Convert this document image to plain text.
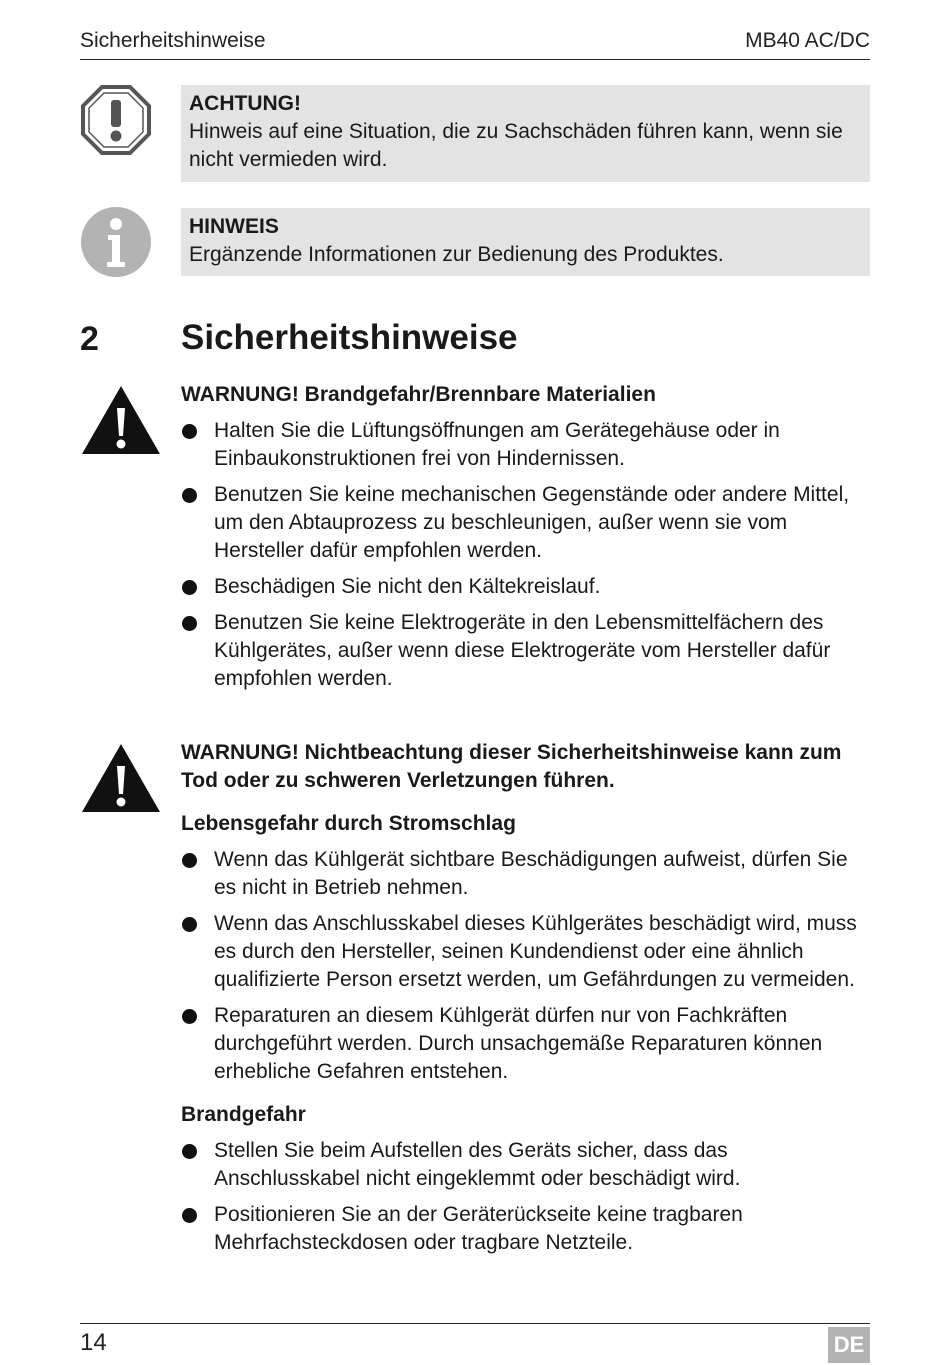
Sicherheitshinweise	MB40 AC/DC
ACHTUNG!
Hinweis auf eine Situation, die zu Sachschäden führen kann, wenn sie nicht vermieden wird.
HINWEIS
Ergänzende Informationen zur Bedienung des Produktes.
2 Sicherheitshinweise
WARNUNG! Brandgefahr/Brennbare Materialien
Halten Sie die Lüftungsöffnungen am Gerätegehäuse oder in Einbaukonstruktionen frei von Hindernissen.
Benutzen Sie keine mechanischen Gegenstände oder andere Mittel, um den Abtauprozess zu beschleunigen, außer wenn sie vom Hersteller dafür empfohlen werden.
Beschädigen Sie nicht den Kältekreislauf.
Benutzen Sie keine Elektrogeräte in den Lebensmittelfächern des Kühlgerätes, außer wenn diese Elektrogeräte vom Hersteller dafür empfohlen werden.
WARNUNG! Nichtbeachtung dieser Sicherheitshinweise kann zum Tod oder zu schweren Verletzungen führen.
Lebensgefahr durch Stromschlag
Wenn das Kühlgerät sichtbare Beschädigungen aufweist, dürfen Sie es nicht in Betrieb nehmen.
Wenn das Anschlusskabel dieses Kühlgerätes beschädigt wird, muss es durch den Hersteller, seinen Kundendienst oder eine ähnlich qualifizierte Person ersetzt werden, um Gefährdungen zu vermeiden.
Reparaturen an diesem Kühlgerät dürfen nur von Fachkräften durchgeführt werden. Durch unsachgemäße Reparaturen können erhebliche Gefahren entstehen.
Brandgefahr
Stellen Sie beim Aufstellen des Geräts sicher, dass das Anschlusskabel nicht eingeklemmt oder beschädigt wird.
Positionieren Sie an der Geräterückseite keine tragbaren Mehrfachsteckdosen oder tragbare Netzteile.
14	DE
